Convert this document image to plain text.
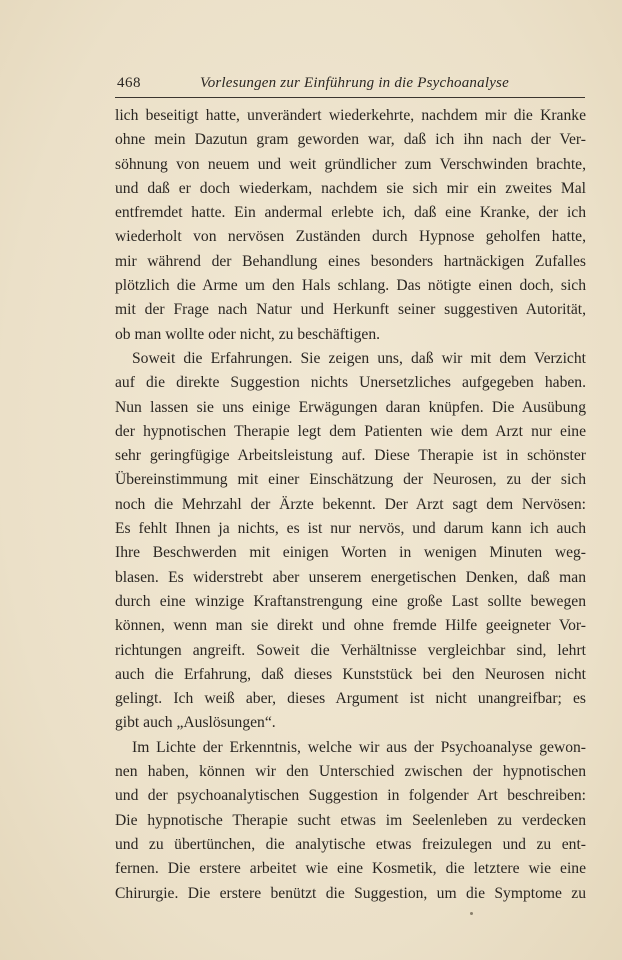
468	Vorlesungen zur Einführung in die Psychoanalyse
lich beseitigt hatte, unverändert wiederkehrte, nachdem mir die Kranke
ohne mein Dazutun gram geworden war, daß ich ihn nach der Ver-
söhnung von neuem und weit gründlicher zum Verschwinden brachte,
und daß er doch wiederkam, nachdem sie sich mir ein zweites Mal
entfremdet hatte. Ein andermal erlebte ich, daß eine Kranke, der ich
wiederholt von nervösen Zuständen durch Hypnose geholfen hatte,
mir während der Behandlung eines besonders hartnäckigen Zufalles
plötzlich die Arme um den Hals schlang. Das nötigte einen doch, sich
mit der Frage nach Natur und Herkunft seiner suggestiven Autorität,
ob man wollte oder nicht, zu beschäftigen.
Soweit die Erfahrungen. Sie zeigen uns, daß wir mit dem Verzicht
auf die direkte Suggestion nichts Unersetzliches aufgegeben haben.
Nun lassen sie uns einige Erwägungen daran knüpfen. Die Ausübung
der hypnotischen Therapie legt dem Patienten wie dem Arzt nur eine
sehr geringfügige Arbeitsleistung auf. Diese Therapie ist in schönster
Übereinstimmung mit einer Einschätzung der Neurosen, zu der sich
noch die Mehrzahl der Ärzte bekennt. Der Arzt sagt dem Nervösen:
Es fehlt Ihnen ja nichts, es ist nur nervös, und darum kann ich auch
Ihre Beschwerden mit einigen Worten in wenigen Minuten weg-
blasen. Es widerstrebt aber unserem energetischen Denken, daß man
durch eine winzige Kraftanstrengung eine große Last sollte bewegen
können, wenn man sie direkt und ohne fremde Hilfe geeigneter Vor-
richtungen angreift. Soweit die Verhältnisse vergleichbar sind, lehrt
auch die Erfahrung, daß dieses Kunststück bei den Neurosen nicht
gelingt. Ich weiß aber, dieses Argument ist nicht unangreifbar; es
gibt auch „Auslösungen“.
Im Lichte der Erkenntnis, welche wir aus der Psychoanalyse gewon-
nen haben, können wir den Unterschied zwischen der hypnotischen
und der psychoanalytischen Suggestion in folgender Art beschreiben:
Die hypnotische Therapie sucht etwas im Seelenleben zu verdecken
und zu übertünchen, die analytische etwas freizulegen und zu ent-
fernen. Die erstere arbeitet wie eine Kosmetik, die letztere wie eine
Chirurgie. Die erstere benützt die Suggestion, um die Symptome zu
